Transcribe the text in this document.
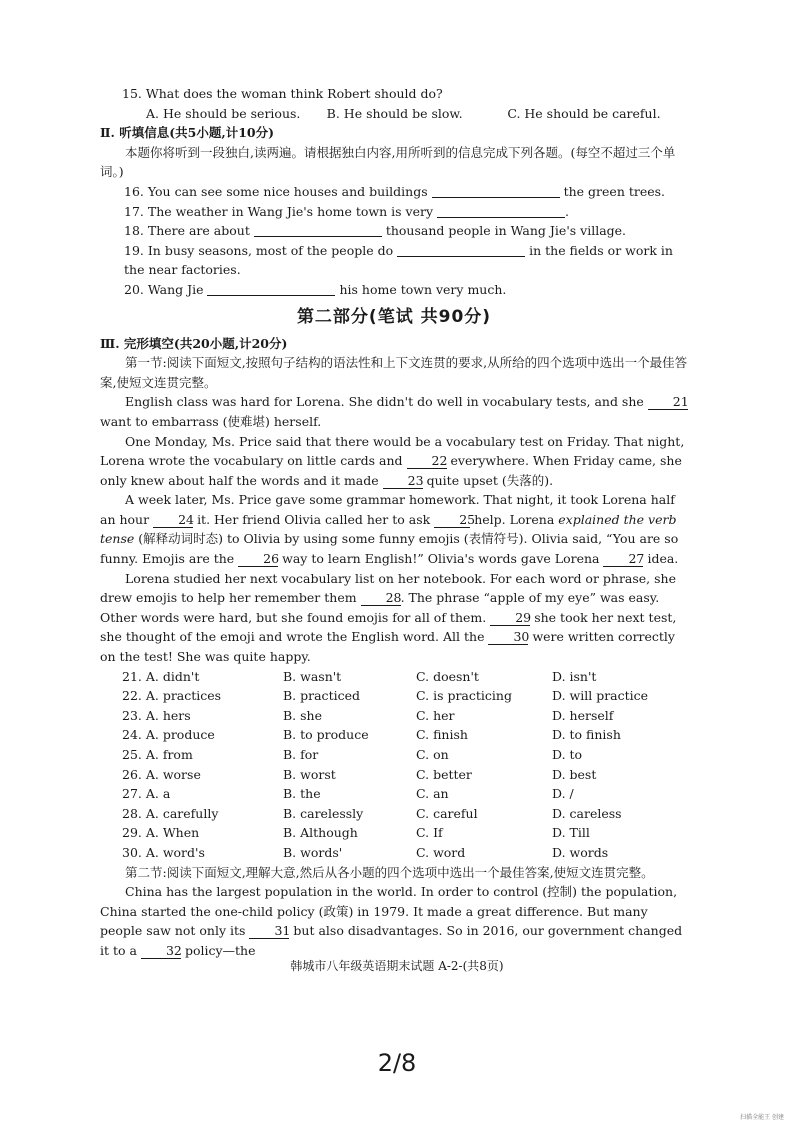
15. What does the woman think Robert should do?
A. He should be serious.	B. He should be slow.	C. He should be careful.
Ⅱ. 听填信息(共5小题,计10分)

本题你将听到一段独白,读两遍。请根据独白内容,用所听到的信息完成下列各题。(每空不超过三个单词。)

16. You can see some nice houses and buildings	the green trees.
17. The weather in Wang Jie's home town is very	.
18. There are about	thousand people in Wang Jie's village.
19. In busy seasons, most of the people do	in the fields or work in the near factories.
20. Wang Jie	his home town very much.
第二部分(笔试 共90分)
Ⅲ. 完形填空(共20小题,计20分)

第一节:阅读下面短文,按照句子结构的语法性和上下文连贯的要求,从所给的四个选项中选出一个最佳答案,使短文连贯完整。

English class was hard for Lorena. She didn't do well in vocabulary tests, and she 21 want to embarrass (使难堪) herself.

One Monday, Ms. Price said that there would be a vocabulary test on Friday. That night, Lorena wrote the vocabulary on little cards and 22 everywhere. When Friday came, she only knew about half the words and it made 23 quite upset (失落的).

A week later, Ms. Price gave some grammar homework. That night, it took Lorena half an hour 24 it. Her friend Olivia called her to ask 25 help. Lorena explained the verb tense (解释动词时态) to Olivia by using some funny emojis (表情符号). Olivia said, “You are so funny. Emojis are the 26 way to learn English!” Olivia's words gave Lorena 27 idea.

Lorena studied her next vocabulary list on her notebook. For each word or phrase, she drew emojis to help her remember them 28. The phrase “apple of my eye” was easy. Other words were hard, but she found emojis for all of them. 29 she took her next test, she thought of the emoji and wrote the English word. All the 30 were written correctly on the test! She was quite happy.

21. A. didn't	B. wasn't	C. doesn't	D. isn't
22. A. practices	B. practiced	C. is practicing	D. will practice
23. A. hers	B. she	C. her	D. herself
24. A. produce	B. to produce	C. finish	D. to finish
25. A. from	B. for	C. on	D. to
26. A. worse	B. worst	C. better	D. best
27. A. a	B. the	C. an	D. /
28. A. carefully	B. carelessly	C. careful	D. careless
29. A. When	B. Although	C. If	D. Till
30. A. word's	B. words'	C. word	D. words

第二节:阅读下面短文,理解大意,然后从各小题的四个选项中选出一个最佳答案,使短文连贯完整。

China has the largest population in the world. In order to control (控制) the population, China started the one-child policy (政策) in 1979. It made a great difference. But many people saw not only its 31 but also disadvantages. So in 2016, our government changed it to a 32 policy—the

韩城市八年级英语期末试题 A-2-(共8页)
2/8
扫描全能王 创建
